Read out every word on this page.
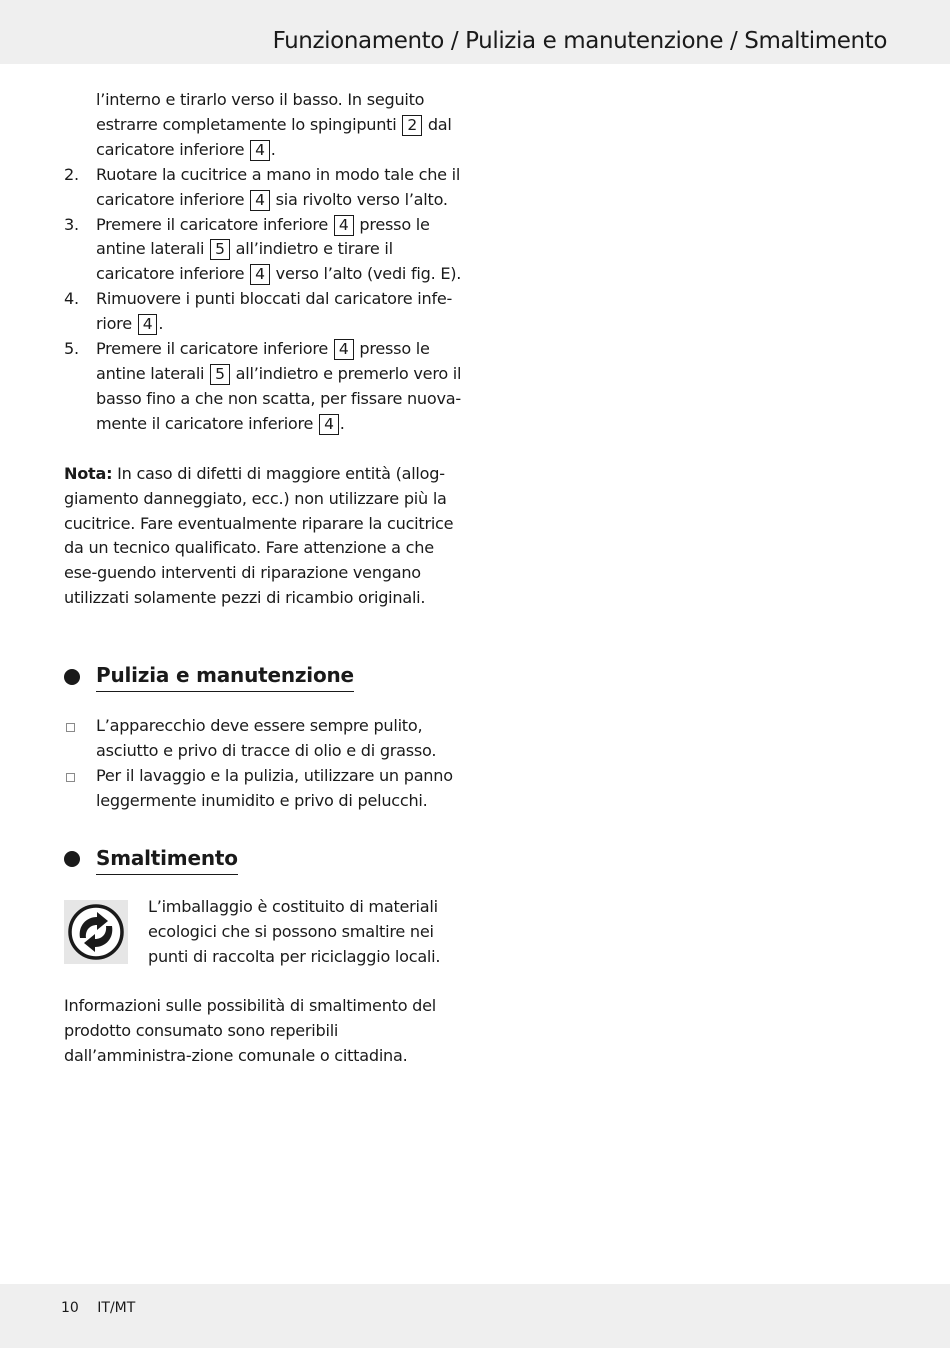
Funzionamento / Pulizia e manutenzione / Smaltimento
l’interno e tirarlo verso il basso. In seguito estrarre completamente lo spingipunti 2 dal
caricatore inferiore 4 .
2. Ruotare la cucitrice a mano in modo tale che il caricatore inferiore 4 sia rivolto verso l’alto.
3. Premere il caricatore inferiore 4 presso le antine laterali 5 all’indietro e tirare il caricatore inferiore 4 verso l’alto (vedi fig. E).
4. Rimuovere i punti bloccati dal caricatore infe-riore 4 .
5. Premere il caricatore inferiore 4 presso le antine laterali 5 all’indietro e premerlo vero il basso fino a che non scatta, per fissare nuova-mente il caricatore inferiore 4 .

Nota: In caso di difetti di maggiore entità (allog-giamento danneggiato, ecc.) non utilizzare più la cucitrice. Fare eventualmente riparare la cucitrice da un tecnico qualificato. Fare attenzione a che ese-guendo interventi di riparazione vengano utilizzati solamente pezzi di ricambio originali.

Pulizia e manutenzione
L’apparecchio deve essere sempre pulito, asciutto e privo di tracce di olio e di grasso.
Per il lavaggio e la pulizia, utilizzare un panno leggermente inumidito e privo di pelucchi.
Smaltimento

L’imballaggio è costituito di materiali ecologici che si possono smaltire nei punti di raccolta per riciclaggio locali.

Informazioni sulle possibilità di smaltimento del prodotto consumato sono reperibili dall’amministra-zione comunale o cittadina.

10 IT/MT
